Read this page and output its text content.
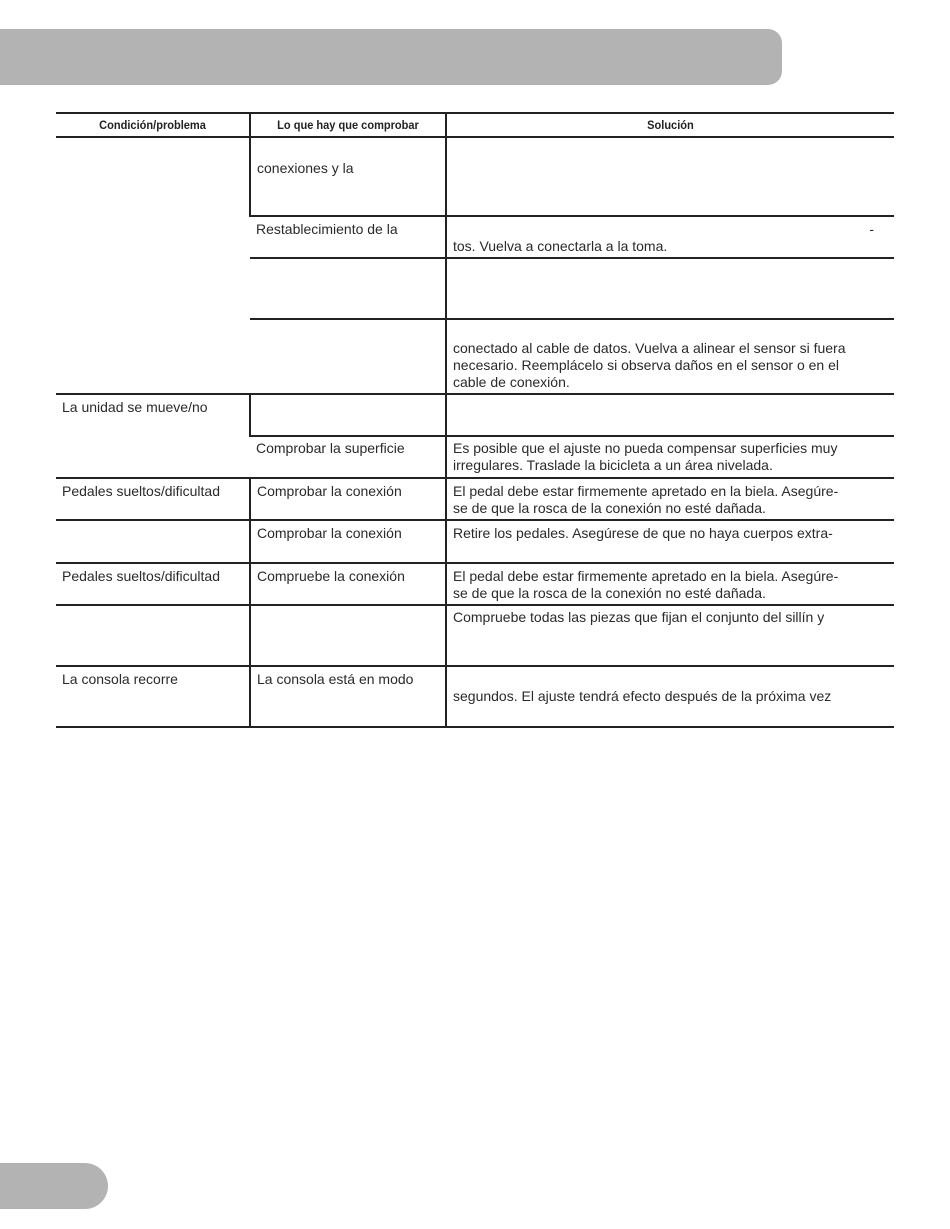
Condición/problema	Lo que hay que comprobar	Solución
	conexiones y la	
	Restablecimiento de la	-
tos. Vuelva a conectarla a la toma.

		conectado al cable de datos. Vuelva a alinear el sensor si fuera
necesario. Reemplácelo si observa daños en el sensor o en el
cable de conexión.

La unidad se mueve/no		
	Comprobar la superficie	Es posible que el ajuste no pueda compensar superficies muy
irregulares. Traslade la bicicleta a un área nivelada.

Pedales sueltos/dificultad	Comprobar la conexión	El pedal debe estar firmemente apretado en la biela. Asegúre-
se de que la rosca de la conexión no esté dañada.

	Comprobar la conexión	Retire los pedales. Asegúrese de que no haya cuerpos extra-

Pedales sueltos/dificultad	Compruebe la conexión	El pedal debe estar firmemente apretado en la biela. Asegúre-
se de que la rosca de la conexión no esté dañada.

		Compruebe todas las piezas que fijan el conjunto del sillín y

La consola recorre	La consola está en modo	segundos. El ajuste tendrá efecto después de la próxima vez
